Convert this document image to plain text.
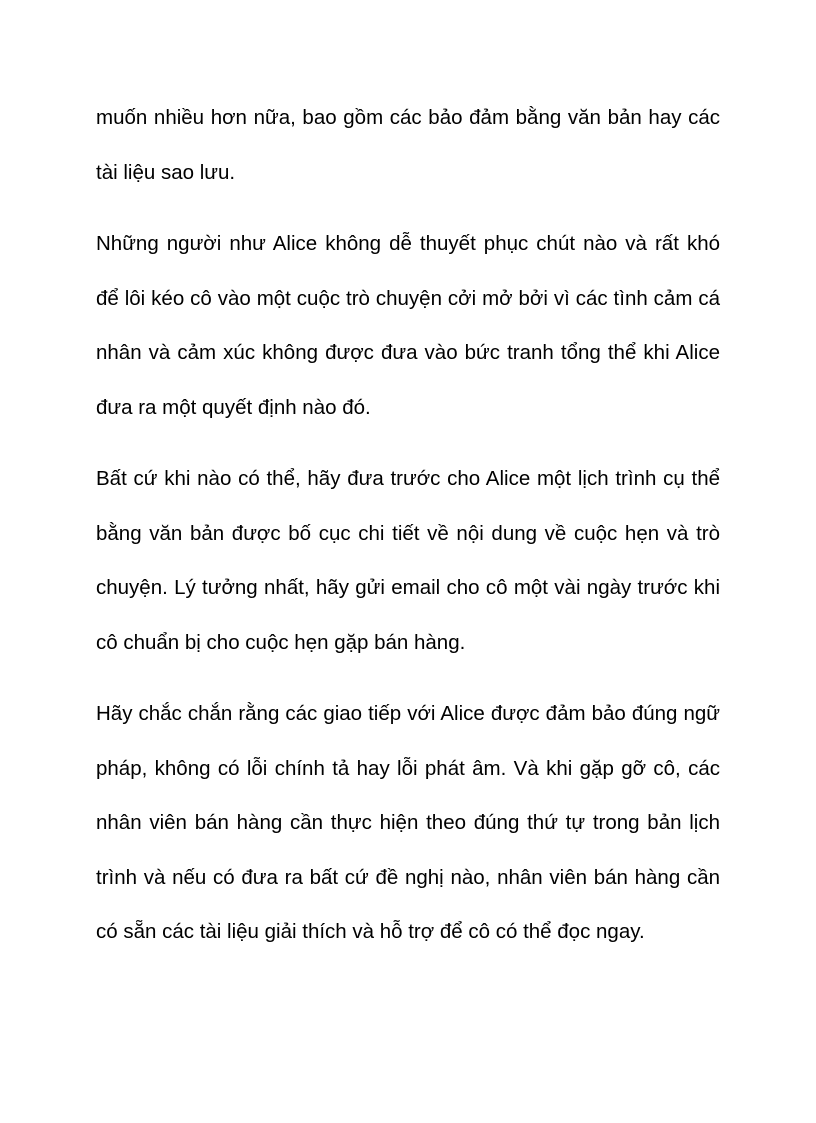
muốn nhiều hơn nữa, bao gồm các bảo đảm bằng văn bản hay các tài liệu sao lưu.

Những người như Alice không dễ thuyết phục chút nào và rất khó để lôi kéo cô vào một cuộc trò chuyện cởi mở bởi vì các tình cảm cá nhân và cảm xúc không được đưa vào bức tranh tổng thể khi Alice đưa ra một quyết định nào đó.

Bất cứ khi nào có thể, hãy đưa trước cho Alice một lịch trình cụ thể bằng văn bản được bố cục chi tiết về nội dung về cuộc hẹn và trò chuyện. Lý tưởng nhất, hãy gửi email cho cô một vài ngày trước khi cô chuẩn bị cho cuộc hẹn gặp bán hàng.

Hãy chắc chắn rằng các giao tiếp với Alice được đảm bảo đúng ngữ pháp, không có lỗi chính tả hay lỗi phát âm. Và khi gặp gỡ cô, các nhân viên bán hàng cần thực hiện theo đúng thứ tự trong bản lịch trình và nếu có đưa ra bất cứ đề nghị nào, nhân viên bán hàng cần có sẵn các tài liệu giải thích và hỗ trợ để cô có thể đọc ngay.
